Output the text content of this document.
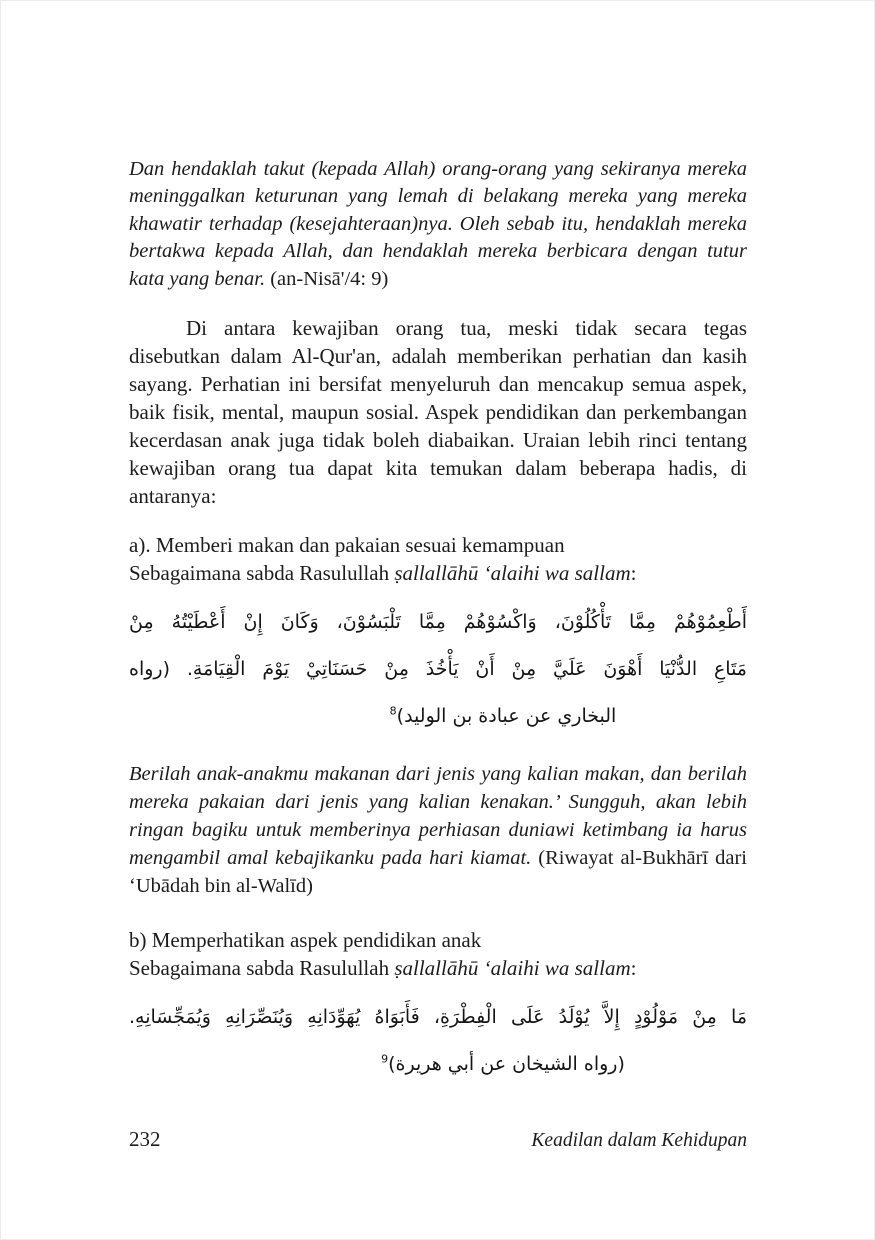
Dan hendaklah takut (kepada Allah) orang-orang yang sekiranya mereka meninggalkan keturunan yang lemah di belakang mereka yang mereka khawatir terhadap (kesejahteraan)nya. Oleh sebab itu, hendaklah mereka bertakwa kepada Allah, dan hendaklah mereka berbicara dengan tutur kata yang benar. (an-Nisā'/4: 9)

Di antara kewajiban orang tua, meski tidak secara tegas disebutkan dalam Al-Qur'an, adalah memberikan perhatian dan kasih sayang. Perhatian ini bersifat menyeluruh dan mencakup semua aspek, baik fisik, mental, maupun sosial. Aspek pendidikan dan perkembangan kecerdasan anak juga tidak boleh diabaikan. Uraian lebih rinci tentang kewajiban orang tua dapat kita temukan dalam beberapa hadis, di antaranya:

a). Memberi makan dan pakaian sesuai kemampuan
Sebagaimana sabda Rasulullah ṣallallāhū ‘alaihi wa sallam:
أَطْعِمُوْهُمْ مِمَّا تَأْكُلُوْنَ، وَاكْسُوْهُمْ مِمَّا تَلْبَسُوْنَ، وَكَانَ إِنْ أَعْطَيْتُهُ مِنْ
مَتَاعِ الدُّنْيَا أَهْوَنَ عَلَيَّ مِنْ أَنْ يَأْخُذَ مِنْ حَسَنَاتِيْ يَوْمَ الْقِيَامَةِ. (رواه
البخاري عن عبادة بن الوليد)$^8$

Berilah anak-anakmu makanan dari jenis yang kalian makan, dan berilah mereka pakaian dari jenis yang kalian kenakan.’ Sungguh, akan lebih ringan bagiku untuk memberinya perhiasan duniawi ketimbang ia harus mengambil amal kebajikanku pada hari kiamat. (Riwayat al-Bukhārī dari ‘Ubādah bin al-Walīd)

b) Memperhatikan aspek pendidikan anak
Sebagaimana sabda Rasulullah ṣallallāhū ‘alaihi wa sallam:
مَا مِنْ مَوْلُوْدٍ إِلاَّ يُوْلَدُ عَلَى الْفِطْرَةِ، فَأَبَوَاهُ يُهَوِّدَانِهِ وَيُنَصِّرَانِهِ وَيُمَجِّسَانِهِ.
(رواه الشيخان عن أبي هريرة)$^9$
232	Keadilan dalam Kehidupan
